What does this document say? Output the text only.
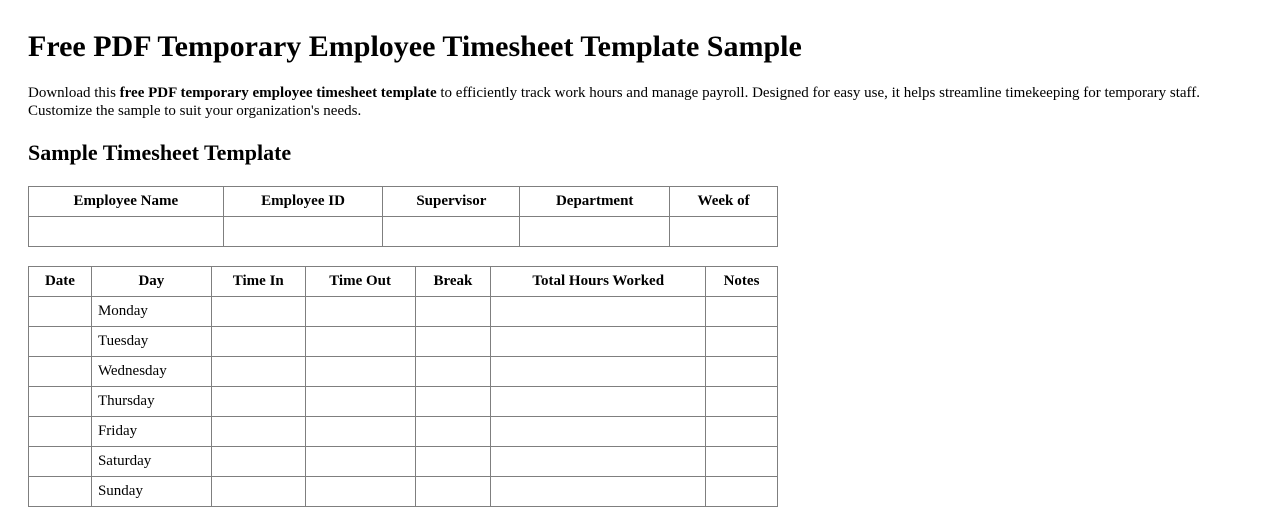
Free PDF Temporary Employee Timesheet Template Sample

Download this free PDF temporary employee timesheet template to efficiently track work hours and manage payroll. Designed for easy use, it helps streamline timekeeping for temporary staff. Customize the sample to suit your organization's needs.

Sample Timesheet Template
Employee Name	Employee ID	Supervisor	Department	Week of

Date	Day	Time In	Time Out	Break	Total Hours Worked	Notes
	Monday					
	Tuesday					
	Wednesday					
	Thursday					
	Friday					
	Saturday					
	Sunday					
